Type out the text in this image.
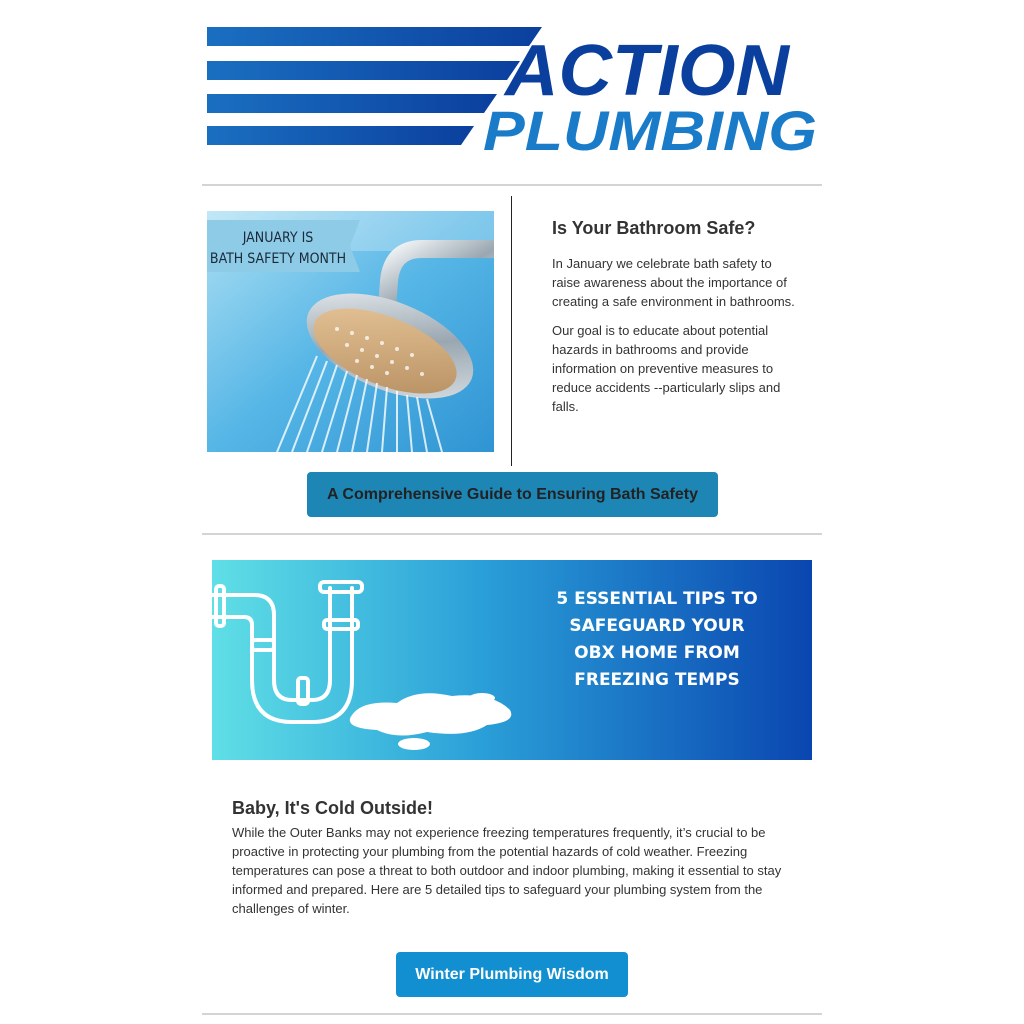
ACTION
PLUMBING
JANUARY IS
BATH SAFETY MONTH
Is Your Bathroom Safe?

In January we celebrate bath safety to raise awareness about the importance of creating a safe environment in bathrooms.

Our goal is to educate about potential hazards in bathrooms and provide information on preventive measures to reduce accidents --particularly slips and falls.

A Comprehensive Guide to Ensuring Bath Safety
5 ESSENTIAL TIPS TO
SAFEGUARD YOUR
OBX HOME FROM
FREEZING TEMPS
Baby, It's Cold Outside!

While the Outer Banks may not experience freezing temperatures frequently, it’s crucial to be proactive in protecting your plumbing from the potential hazards of cold weather. Freezing temperatures can pose a threat to both outdoor and indoor plumbing, making it essential to stay informed and prepared. Here are 5 detailed tips to safeguard your plumbing system from the challenges of winter.

Winter Plumbing Wisdom
